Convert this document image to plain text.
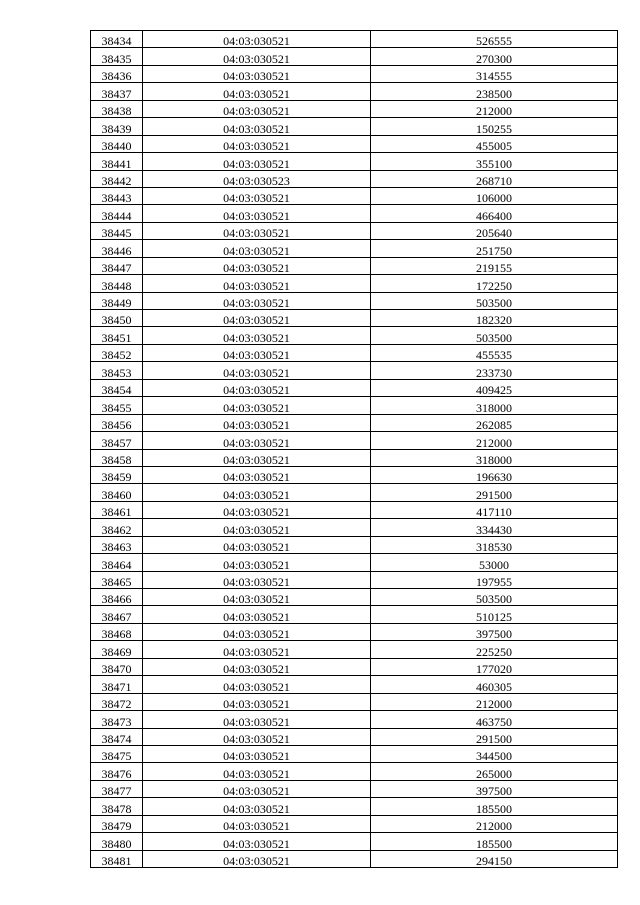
38434	04:03:030521	526555
38435	04:03:030521	270300
38436	04:03:030521	314555
38437	04:03:030521	238500
38438	04:03:030521	212000
38439	04:03:030521	150255
38440	04:03:030521	455005
38441	04:03:030521	355100
38442	04:03:030523	268710
38443	04:03:030521	106000
38444	04:03:030521	466400
38445	04:03:030521	205640
38446	04:03:030521	251750
38447	04:03:030521	219155
38448	04:03:030521	172250
38449	04:03:030521	503500
38450	04:03:030521	182320
38451	04:03:030521	503500
38452	04:03:030521	455535
38453	04:03:030521	233730
38454	04:03:030521	409425
38455	04:03:030521	318000
38456	04:03:030521	262085
38457	04:03:030521	212000
38458	04:03:030521	318000
38459	04:03:030521	196630
38460	04:03:030521	291500
38461	04:03:030521	417110
38462	04:03:030521	334430
38463	04:03:030521	318530
38464	04:03:030521	53000
38465	04:03:030521	197955
38466	04:03:030521	503500
38467	04:03:030521	510125
38468	04:03:030521	397500
38469	04:03:030521	225250
38470	04:03:030521	177020
38471	04:03:030521	460305
38472	04:03:030521	212000
38473	04:03:030521	463750
38474	04:03:030521	291500
38475	04:03:030521	344500
38476	04:03:030521	265000
38477	04:03:030521	397500
38478	04:03:030521	185500
38479	04:03:030521	212000
38480	04:03:030521	185500
38481	04:03:030521	294150
